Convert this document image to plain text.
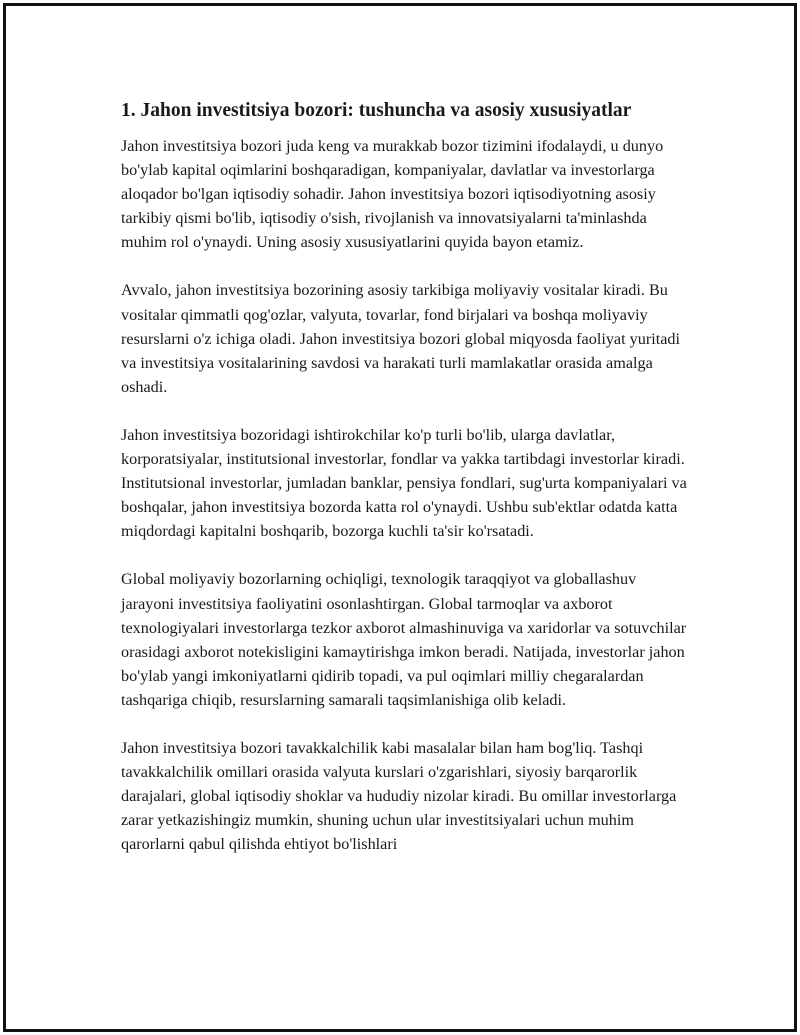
1. Jahon investitsiya bozori: tushuncha va asosiy xususiyatlar

Jahon investitsiya bozori juda keng va murakkab bozor tizimini ifodalaydi, u dunyo bo'ylab kapital oqimlarini boshqaradigan, kompaniyalar, davlatlar va investorlarga aloqador bo'lgan iqtisodiy sohadir. Jahon investitsiya bozori iqtisodiyotning asosiy tarkibiy qismi bo'lib, iqtisodiy o'sish, rivojlanish va innovatsiyalarni ta'minlashda muhim rol o'ynaydi. Uning asosiy xususiyatlarini quyida bayon etamiz.

Avvalo, jahon investitsiya bozorining asosiy tarkibiga moliyaviy vositalar kiradi. Bu vositalar qimmatli qog'ozlar, valyuta, tovarlar, fond birjalari va boshqa moliyaviy resurslarni o'z ichiga oladi. Jahon investitsiya bozori global miqyosda faoliyat yuritadi va investitsiya vositalarining savdosi va harakati turli mamlakatlar orasida amalga oshadi.

Jahon investitsiya bozoridagi ishtirokchilar ko'p turli bo'lib, ularga davlatlar, korporatsiyalar, institutsional investorlar, fondlar va yakka tartibdagi investorlar kiradi. Institutsional investorlar, jumladan banklar, pensiya fondlari, sug'urta kompaniyalari va boshqalar, jahon investitsiya bozorda katta rol o'ynaydi. Ushbu sub'ektlar odatda katta miqdordagi kapitalni boshqarib, bozorga kuchli ta'sir ko'rsatadi.

Global moliyaviy bozorlarning ochiqligi, texnologik taraqqiyot va globallashuv jarayoni investitsiya faoliyatini osonlashtirgan. Global tarmoqlar va axborot texnologiyalari investorlarga tezkor axborot almashinuviga va xaridorlar va sotuvchilar orasidagi axborot notekisligini kamaytirishga imkon beradi. Natijada, investorlar jahon bo'ylab yangi imkoniyatlarni qidirib topadi, va pul oqimlari milliy chegaralardan tashqariga chiqib, resurslarning samarali taqsimlanishiga olib keladi.

Jahon investitsiya bozori tavakkalchilik kabi masalalar bilan ham bog'liq. Tashqi tavakkalchilik omillari orasida valyuta kurslari o'zgarishlari, siyosiy barqarorlik darajalari, global iqtisodiy shoklar va hududiy nizolar kiradi. Bu omillar investorlarga zarar yetkazishingiz mumkin, shuning uchun ular investitsiyalari uchun muhim qarorlarni qabul qilishda ehtiyot bo'lishlari
